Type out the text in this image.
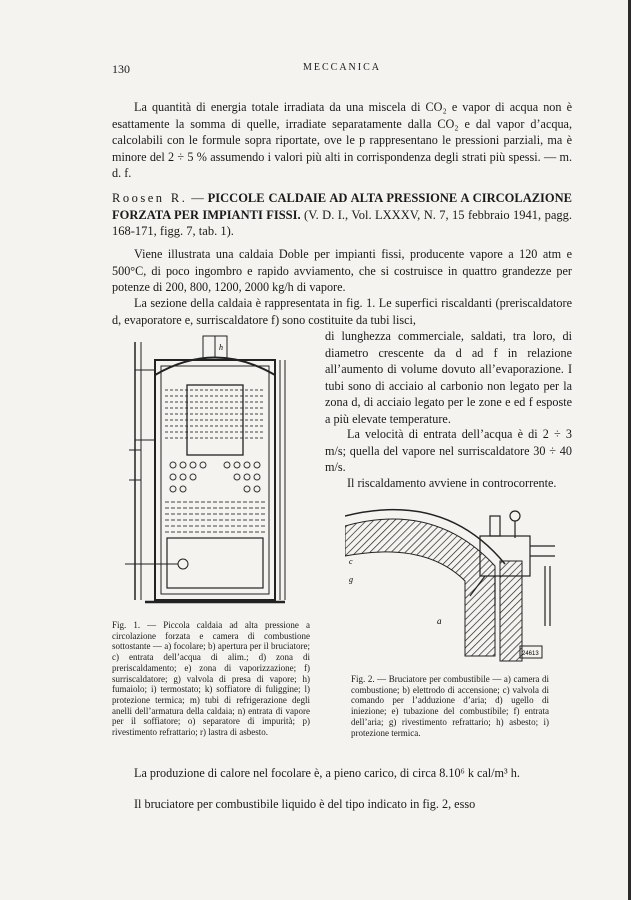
130	MECCANICA

La quantità di energia totale irradiata da una miscela di CO₂ e vapor di acqua non è esattamente la somma di quelle, irradiate separatamente dalla CO₂ e dal vapor d’acqua, calcolabili con le formule sopra riportate, ove le p rappresentano le pressioni parziali, ma è minore del 2 ÷ 5 % assumendo i valori più alti in corrispondenza degli strati più spessi. — m. d. f.

Roosen R. — PICCOLE CALDAIE AD ALTA PRESSIONE A CIRCOLAZIONE FORZATA PER IMPIANTI FISSI. (V. D. I., Vol. LXXXV, N. 7, 15 febbraio 1941, pagg. 168-171, figg. 7, tab. 1).

Viene illustrata una caldaia Doble per impianti fissi, producente vapore a 120 atm e 500°C, di poco ingombro e rapido avviamento, che si costruisce in quattro grandezze per potenze di 200, 800, 1200, 2000 kg/h di vapore.

La sezione della caldaia è rappresentata in fig. 1. Le superfici riscaldanti (preriscaldatore d, evaporatore e, surriscaldatore f) sono costituite da tubi lisci,

di lunghezza commerciale, saldati, tra loro, di diametro crescente da d ad f in relazione all’aumento di volume dovuto all’evaporazione. I tubi sono di acciaio al carbonio non legato per la zona d, di acciaio legato per le zone e ed f esposte a più elevate temperature.

La velocità di entrata dell’acqua è di 2 ÷ 3 m/s; quella del vapore nel surriscaldatore 30 ÷ 40 m/s.

Il riscaldamento avviene in controcorrente.

h

Fig. 1. — Piccola caldaia ad alta pressione a circolazione forzata e camera di combustione sottostante — a) focolare; b) apertura per il bruciatore; c) entrata dell’acqua di alim.; d) zona di preriscaldamento; e) zona di vaporizzazione; f) surriscaldatore; g) valvola di presa di vapore; h) fumaiolo; i) termostato; k) soffiatore di fuliggine; l) protezione termica; m) tubi di refrigerazione degli anelli dell’armatura della caldaia; n) entrata di vapore per il soffiatore; o) separatore di impurità; p) rivestimento refrattario; r) lastra di asbesto.

24613
a
c
g

Fig. 2. — Bruciatore per combustibile — a) camera di combustione; b) elettrodo di accensione; c) valvola di comando per l’adduzione d’aria; d) ugello di iniezione; e) tubazione del combustibile; f) entrata dell’aria; g) rivestimento refrattario; h) asbesto; i) protezione termica.

La produzione di calore nel focolare è, a pieno carico, di circa 8.10⁶ k cal/m³ h.

Il bruciatore per combustibile liquido è del tipo indicato in fig. 2, esso
